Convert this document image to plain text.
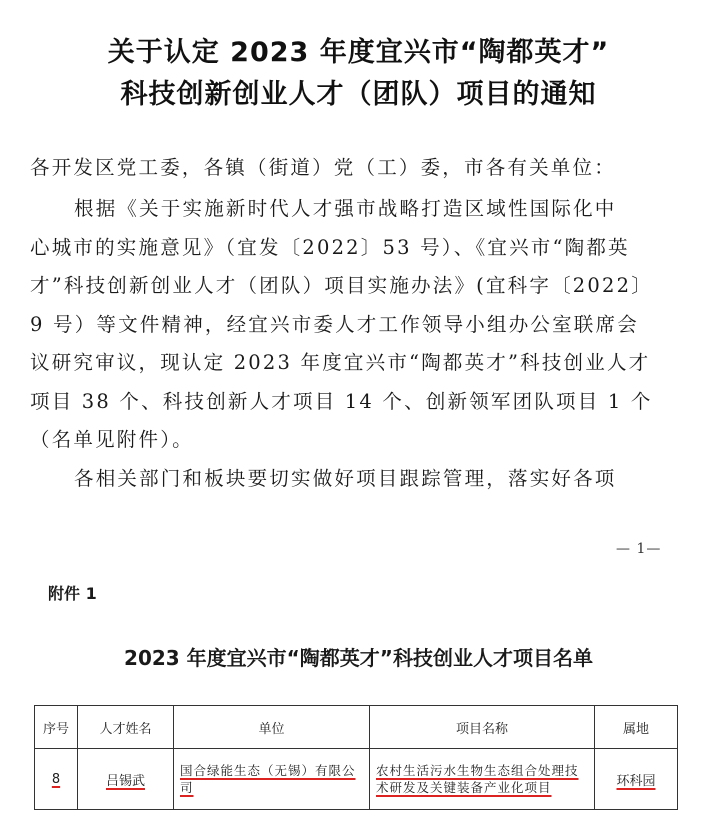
关于认定 2023 年度宜兴市“陶都英才”
科技创新创业人才（团队）项目的通知
各开发区党工委，各镇（街道）党（工）委，市各有关单位：
根据《关于实施新时代人才强市战略打造区域性国际化中
心城市的实施意见》（宜发〔2022〕53 号）、《宜兴市“陶都英
才”科技创新创业人才（团队）项目实施办法》(宜科字〔2022〕
9 号）等文件精神，经宜兴市委人才工作领导小组办公室联席会
议研究审议，现认定 2023 年度宜兴市“陶都英才”科技创业人才
项目 38 个、科技创新人才项目 14 个、创新领军团队项目 1 个
（名单见附件）。
各相关部门和板块要切实做好项目跟踪管理，落实好各项
— 1—
附件 1
2023 年度宜兴市“陶都英才”科技创业人才项目名单
序号	人才姓名	单位	项目名称	属地
8	吕锡武	国合绿能生态（无锡）有限公司	农村生活污水生物生态组合处理技术研发及关键装备产业化项目	环科园
